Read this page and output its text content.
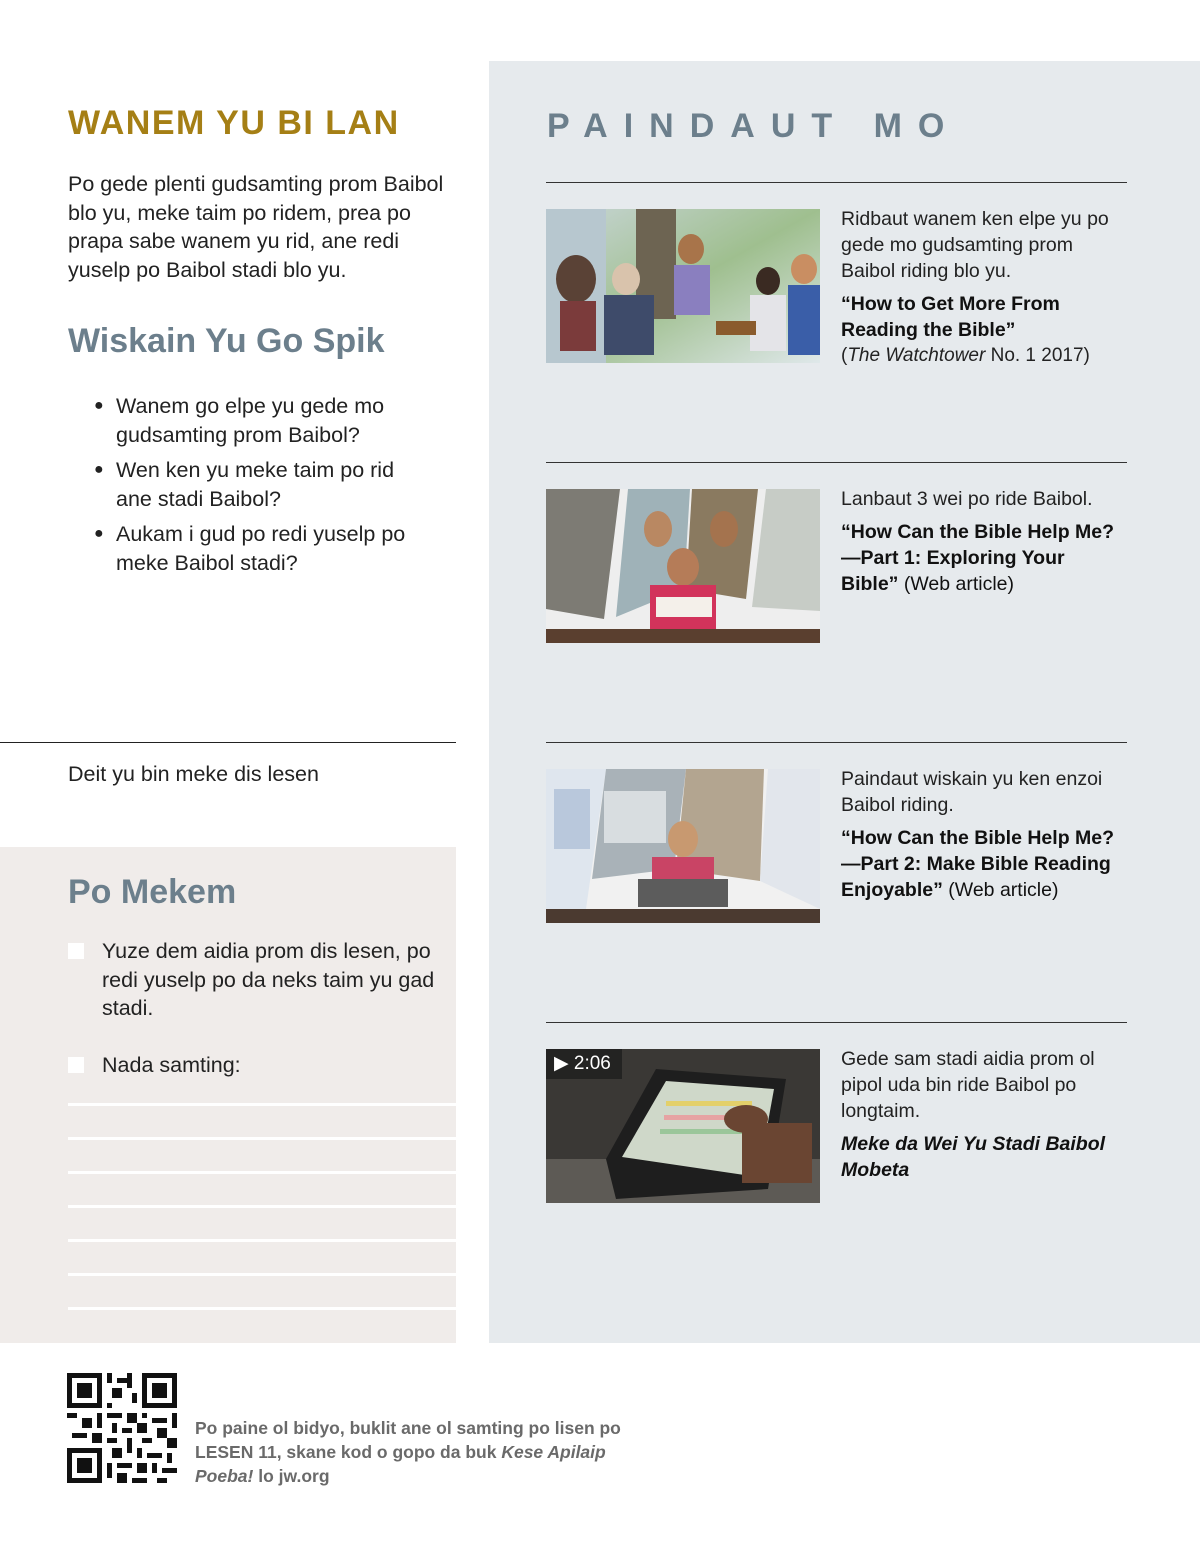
WANEM YU BI LAN

Po gede plenti gudsamting prom Baibol blo yu, meke taim po ridem, prea po prapa sabe wanem yu rid, ane redi yuselp po Baibol stadi blo yu.

Wiskain Yu Go Spik
● Wanem go elpe yu gede mo gudsamting prom Baibol?
● Wen ken yu meke taim po rid ane stadi Baibol?
● Aukam i gud po redi yuselp po meke Baibol stadi?
Deit yu bin meke dis lesen
Po Mekem
Yuze dem aidia prom dis lesen, po redi yuselp po da neks taim yu gad stadi.
Nada samting:
PAINDAUT MO
Ridbaut wanem ken elpe yu po gede mo gudsamting prom Baibol riding blo yu.
“How to Get More From Reading the Bible”
(The Watchtower No. 1 2017)
Lanbaut 3 wei po ride Baibol.
“How Can the Bible Help Me?—Part 1: Exploring Your Bible” (Web article)
Paindaut wiskain yu ken enzoi Baibol riding.
“How Can the Bible Help Me? —Part 2: Make Bible Reading Enjoyable” (Web article)
▶ 2:06	Gede sam stadi aidia prom ol pipol uda bin ride Baibol po longtaim.
Meke da Wei Yu Stadi Baibol Mobeta

Po paine ol bidyo, buklit ane ol samting po lisen po LESEN 11, skane kod o gopo da buk Kese Apilaip Poeba! lo jw.org
